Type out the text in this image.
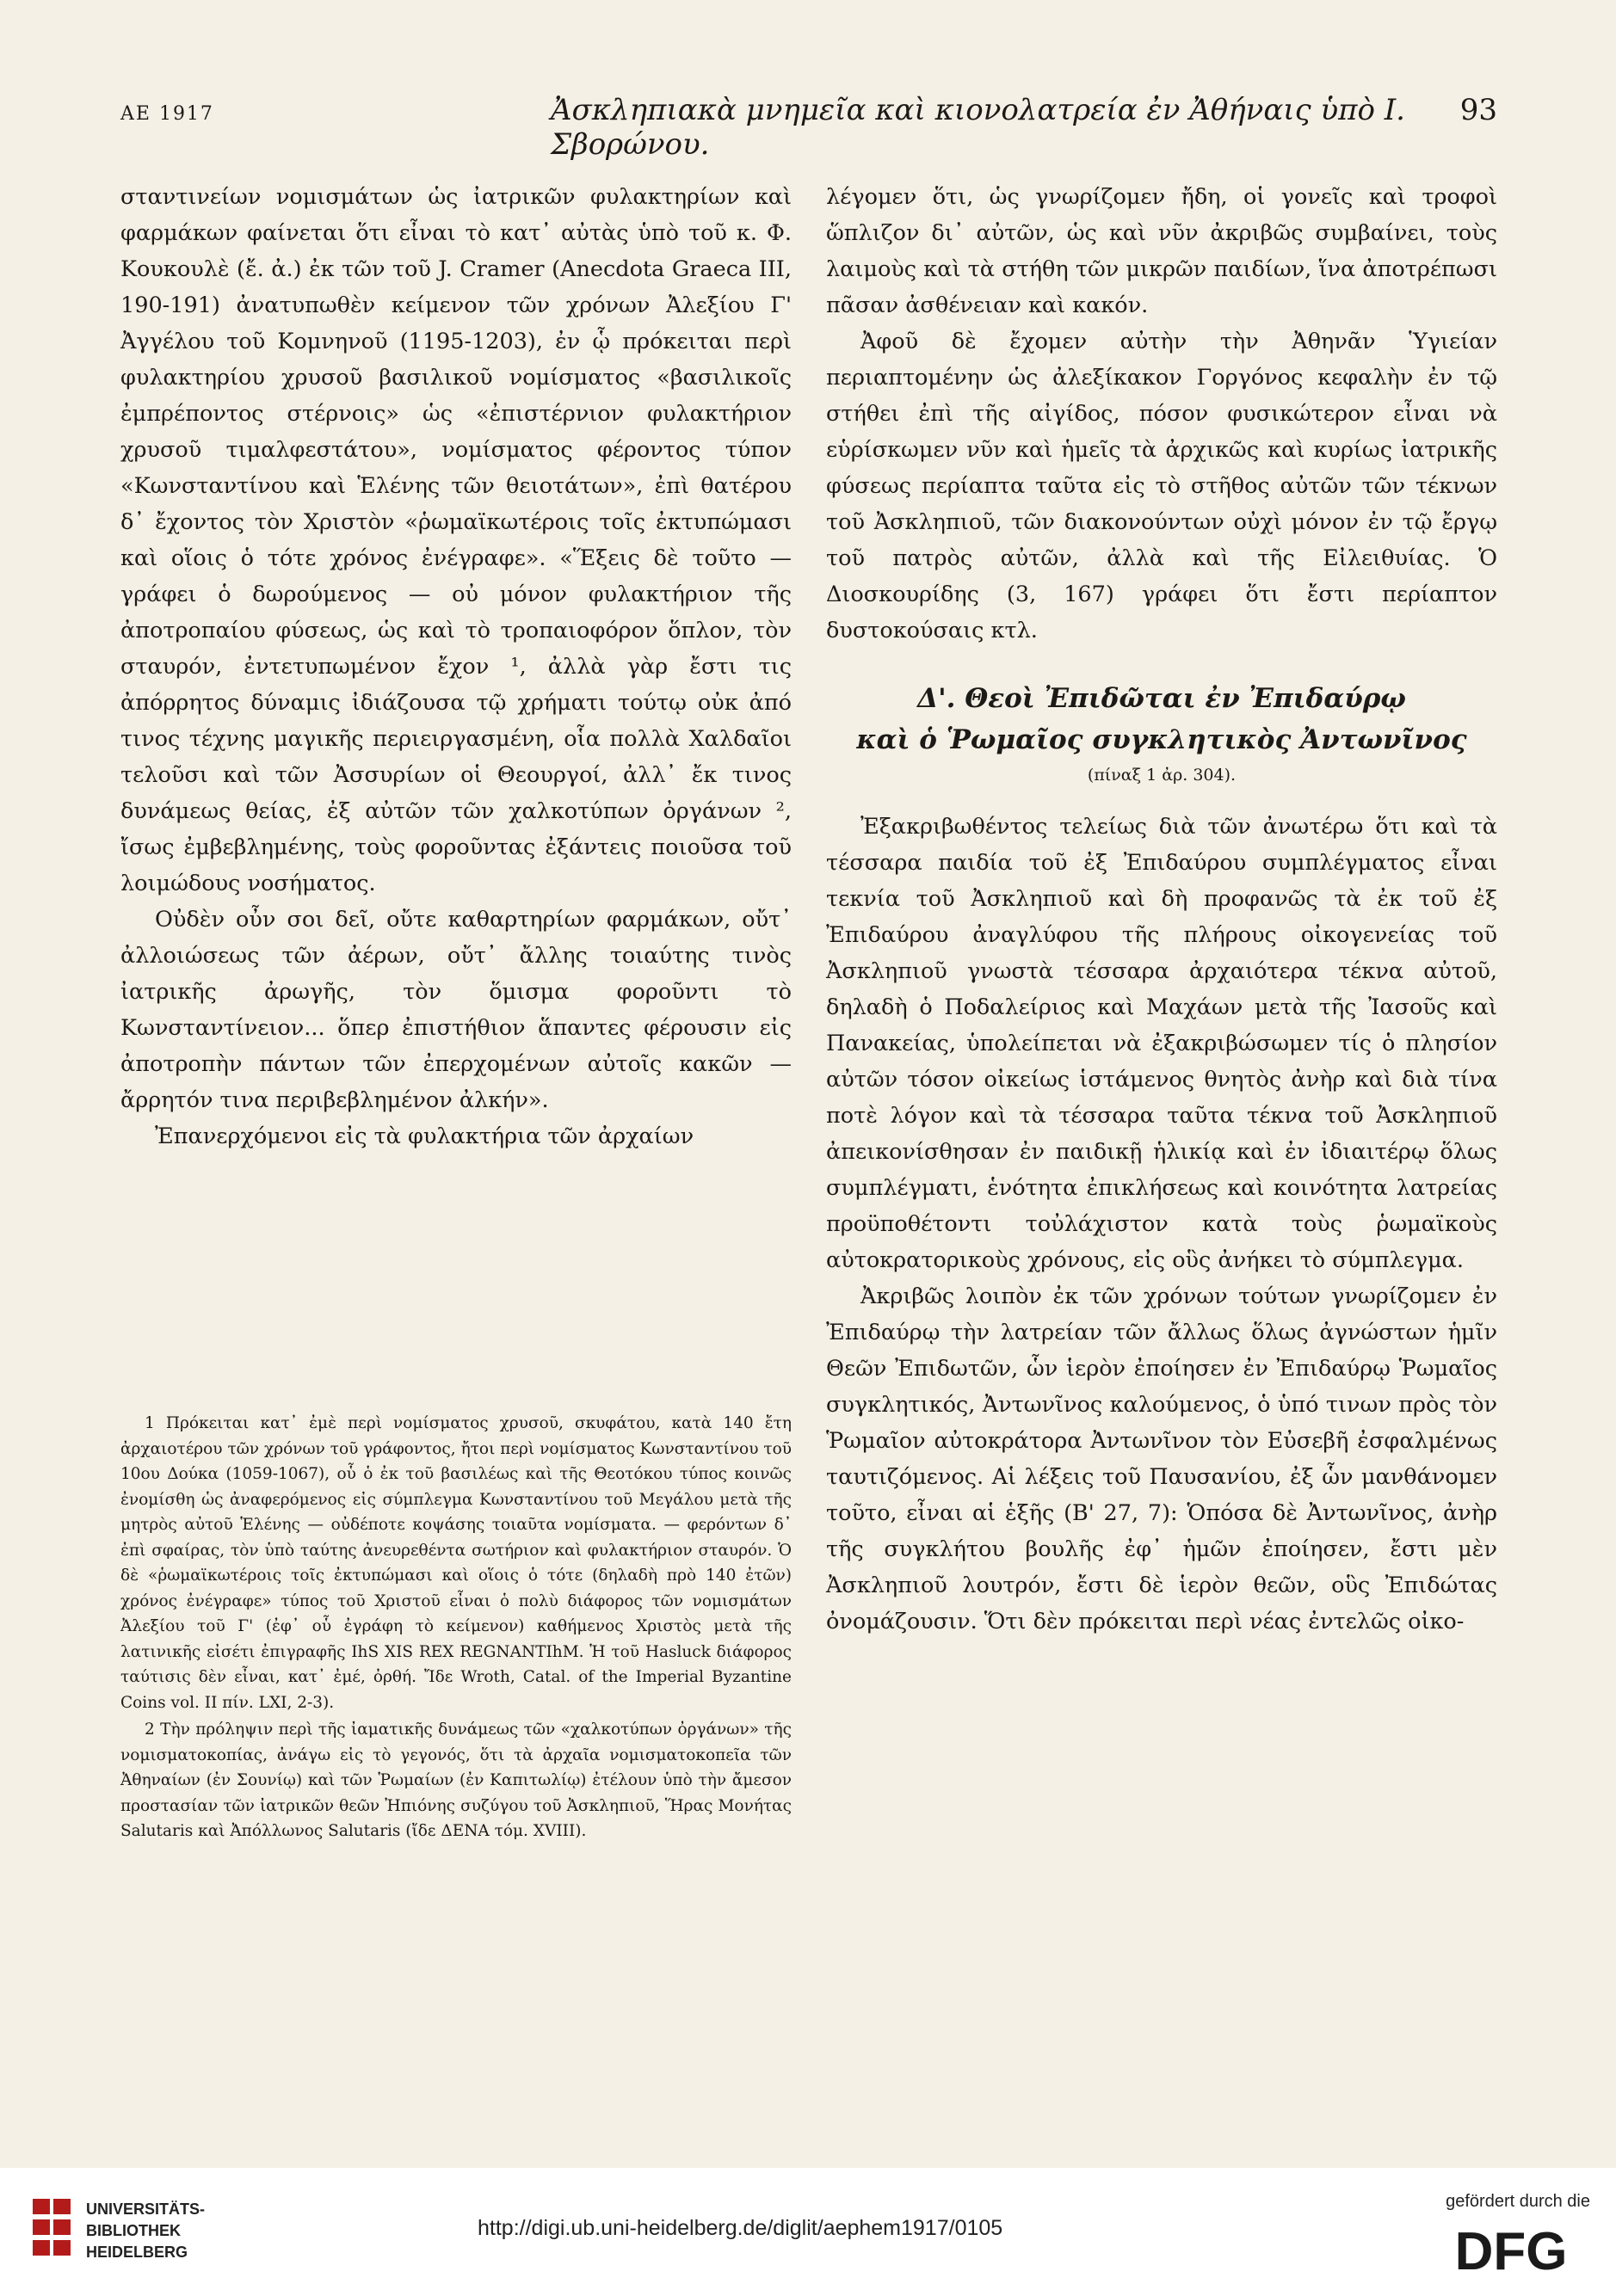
ΑΕ 1917	Ἀσκληπιακὰ μνημεῖα καὶ κιονολατρεία ἐν Ἀθήναις ὑπὸ Ι. Σβορώνου.
93

σταντινείων νομισμάτων ὡς ἰατρικῶν φυλακτηρίων καὶ φαρμάκων φαίνεται ὅτι εἶναι τὸ κατ᾽ αὐτὰς ὑπὸ τοῦ κ. Φ. Κουκουλὲ (ἔ. ἀ.) ἐκ τῶν τοῦ J. Cramer (Anecdota Graeca III, 190-191) ἀνατυπωθὲν κείμενον τῶν χρόνων Ἀλεξίου Γ' Ἀγγέλου τοῦ Κομνηνοῦ (1195-1203), ἐν ᾧ πρόκειται περὶ φυλακτηρίου χρυσοῦ βασιλικοῦ νομίσματος «βασιλικοῖς ἐμπρέποντος στέρνοις» ὡς «ἐπιστέρνιον φυλακτήριον χρυσοῦ τιμαλφεστάτου», νομίσματος φέροντος τύπον «Κωνσταντίνου καὶ Ἑλένης τῶν θειοτάτων», ἐπὶ θατέρου δ᾽ ἔχοντος τὸν Χριστὸν «ῥωμαϊκωτέροις τοῖς ἐκτυπώμασι καὶ οἵοις ὁ τότε χρόνος ἐνέγραφε». «Ἕξεις δὲ τοῦτο — γράφει ὁ δωρούμενος — οὐ μόνον φυλακτήριον τῆς ἀποτροπαίου φύσεως, ὡς καὶ τὸ τροπαιοφόρον ὅπλον, τὸν σταυρόν, ἐντετυπωμένον ἔχον ¹, ἀλλὰ γὰρ ἔστι τις ἀπόρρητος δύναμις ἰδιάζουσα τῷ χρήματι τούτῳ οὐκ ἀπό τινος τέχνης μαγικῆς περιειργασμένη, οἷα πολλὰ Χαλδαῖοι τελοῦσι καὶ τῶν Ἀσσυρίων οἱ Θεουργοί, ἀλλ᾽ ἔκ τινος δυνάμεως θείας, ἐξ αὐτῶν τῶν χαλκοτύπων ὀργάνων ², ἴσως ἐμβεβλημένης, τοὺς φοροῦντας ἐξάντεις ποιοῦσα τοῦ λοιμώδους νοσήματος.

Οὐδὲν οὖν σοι δεῖ, οὔτε καθαρτηρίων φαρμάκων, οὔτ᾽ ἀλλοιώσεως τῶν ἀέρων, οὔτ᾽ ἄλλης τοιαύτης τινὸς ἰατρικῆς ἀρωγῆς, τὸν ὅμισμα φοροῦντι τὸ Κωνσταντίνειον... ὅπερ ἐπιστήθιον ἅπαντες φέρουσιν εἰς ἀποτροπὴν πάντων τῶν ἐπερχομένων αὐτοῖς κακῶν — ἄρρητόν τινα περιβεβλημένον ἀλκήν».

Ἐπανερχόμενοι εἰς τὰ φυλακτήρια τῶν ἀρχαίων

1 Πρόκειται κατ᾽ ἐμὲ περὶ νομίσματος χρυσοῦ, σκυφάτου, κατὰ 140 ἔτη ἀρχαιοτέρου τῶν χρόνων τοῦ γράφοντος, ἤτοι περὶ νομίσματος Κωνσταντίνου τοῦ 10ου Δούκα (1059-1067), οὗ ὁ ἐκ τοῦ βασιλέως καὶ τῆς Θεοτόκου τύπος κοινῶς ἐνομίσθη ὡς ἀναφερόμενος εἰς σύμπλεγμα Κωνσταντίνου τοῦ Μεγάλου μετὰ τῆς μητρὸς αὐτοῦ Ἑλένης — οὐδέποτε κοψάσης τοιαῦτα νομίσματα. — φερόντων δ᾽ ἐπὶ σφαίρας, τὸν ὑπὸ ταύτης ἀνευρεθέντα σωτήριον καὶ φυλακτήριον σταυρόν. Ὁ δὲ «ῥωμαϊκωτέροις τοῖς ἐκτυπώμασι καὶ οἵοις ὁ τότε (δηλαδὴ πρὸ 140 ἐτῶν) χρόνος ἐνέγραφε» τύπος τοῦ Χριστοῦ εἶναι ὁ πολὺ διάφορος τῶν νομισμάτων Ἀλεξίου τοῦ Γ' (ἐφ᾽ οὗ ἐγράφη τὸ κείμενον) καθήμενος Χριστὸς μετὰ τῆς λατινικῆς εἰσέτι ἐπιγραφῆς IhS XIS REX REGNANTIhM. Ἡ τοῦ Hasluck διάφορος ταύτισις δὲν εἶναι, κατ᾽ ἐμέ, ὀρθή. Ἴδε Wroth, Catal. of the Imperial Byzantine Coins vol. II πίν. LXI, 2-3).

2 Τὴν πρόληψιν περὶ τῆς ἰαματικῆς δυνάμεως τῶν «χαλκοτύπων ὀργάνων» τῆς νομισματοκοπίας, ἀνάγω εἰς τὸ γεγονός, ὅτι τὰ ἀρχαῖα νομισματοκοπεῖα τῶν Ἀθηναίων (ἐν Σουνίῳ) καὶ τῶν Ῥωμαίων (ἐν Καπιτωλίῳ) ἐτέλουν ὑπὸ τὴν ἄμεσον προστασίαν τῶν ἰατρικῶν θεῶν Ἠπιόνης συζύγου τοῦ Ἀσκληπιοῦ, Ἥρας Μονήτας Salutaris καὶ Ἀπόλλωνος Salutaris (ἴδε ΔΕΝΑ τόμ. XVIII).

λέγομεν ὅτι, ὡς γνωρίζομεν ἤδη, οἱ γονεῖς καὶ τροφοὶ ὥπλιζον δι᾽ αὐτῶν, ὡς καὶ νῦν ἀκριβῶς συμβαίνει, τοὺς λαιμοὺς καὶ τὰ στήθη τῶν μικρῶν παιδίων, ἵνα ἀποτρέπωσι πᾶσαν ἀσθένειαν καὶ κακόν.

Ἀφοῦ δὲ ἔχομεν αὐτὴν τὴν Ἀθηνᾶν Ὑγιείαν περιαπτομένην ὡς ἀλεξίκακον Γοργόνος κεφαλὴν ἐν τῷ στήθει ἐπὶ τῆς αἰγίδος, πόσον φυσικώτερον εἶναι νὰ εὑρίσκωμεν νῦν καὶ ἡμεῖς τὰ ἀρχικῶς καὶ κυρίως ἰατρικῆς φύσεως περίαπτα ταῦτα εἰς τὸ στῆθος αὐτῶν τῶν τέκνων τοῦ Ἀσκληπιοῦ, τῶν διακονούντων οὐχὶ μόνον ἐν τῷ ἔργῳ τοῦ πατρὸς αὐτῶν, ἀλλὰ καὶ τῆς Εἰλειθυίας. Ὁ Διοσκουρίδης (3, 167) γράφει ὅτι ἔστι περίαπτον δυστοκούσαις κτλ.

Δ'. Θεοὶ Ἐπιδῶται ἐν Ἐπιδαύρῳ
καὶ ὁ Ῥωμαῖος συγκλητικὸς Ἀντωνῖνος
(πίναξ 1 ἀρ. 304).

Ἐξακριβωθέντος τελείως διὰ τῶν ἀνωτέρω ὅτι καὶ τὰ τέσσαρα παιδία τοῦ ἐξ Ἐπιδαύρου συμπλέγματος εἶναι τεκνία τοῦ Ἀσκληπιοῦ καὶ δὴ προφανῶς τὰ ἐκ τοῦ ἐξ Ἐπιδαύρου ἀναγλύφου τῆς πλήρους οἰκογενείας τοῦ Ἀσκληπιοῦ γνωστὰ τέσσαρα ἀρχαιότερα τέκνα αὐτοῦ, δηλαδὴ ὁ Ποδαλείριος καὶ Μαχάων μετὰ τῆς Ἰασοῦς καὶ Πανακείας, ὑπολείπεται νὰ ἐξακριβώσωμεν τίς ὁ πλησίον αὐτῶν τόσον οἰκείως ἱστάμενος θνητὸς ἀνὴρ καὶ διὰ τίνα ποτὲ λόγον καὶ τὰ τέσσαρα ταῦτα τέκνα τοῦ Ἀσκληπιοῦ ἀπεικονίσθησαν ἐν παιδικῇ ἡλικίᾳ καὶ ἐν ἰδιαιτέρῳ ὅλως συμπλέγματι, ἑνότητα ἐπικλήσεως καὶ κοινότητα λατρείας προϋποθέτοντι τοὐλάχιστον κατὰ τοὺς ῥωμαϊκοὺς αὐτοκρατορικοὺς χρόνους, εἰς οὓς ἀνήκει τὸ σύμπλεγμα.

Ἀκριβῶς λοιπὸν ἐκ τῶν χρόνων τούτων γνωρίζομεν ἐν Ἐπιδαύρῳ τὴν λατρείαν τῶν ἄλλως ὅλως ἀγνώστων ἡμῖν Θεῶν Ἐπιδωτῶν, ὧν ἱερὸν ἐποίησεν ἐν Ἐπιδαύρῳ Ῥωμαῖος συγκλητικός, Ἀντωνῖνος καλούμενος, ὁ ὑπό τινων πρὸς τὸν Ῥωμαῖον αὐτοκράτορα Ἀντωνῖνον τὸν Εὐσεβῆ ἐσφαλμένως ταυτιζόμενος. Αἱ λέξεις τοῦ Παυσανίου, ἐξ ὧν μανθάνομεν τοῦτο, εἶναι αἱ ἑξῆς (Β' 27, 7): Ὁπόσα δὲ Ἀντωνῖνος, ἀνὴρ τῆς συγκλήτου βουλῆς ἐφ᾽ ἡμῶν ἐποίησεν, ἔστι μὲν Ἀσκληπιοῦ λουτρόν, ἔστι δὲ ἱερὸν θεῶν, οὓς Ἐπιδώτας ὀνομάζουσιν. Ὅτι δὲν πρόκειται περὶ νέας ἐντελῶς οἰκο-

UNIVERSITÄTS-
BIBLIOTHEK
HEIDELBERG
http://digi.ub.uni-heidelberg.de/diglit/aephem1917/0105
gefördert durch die
DFG
